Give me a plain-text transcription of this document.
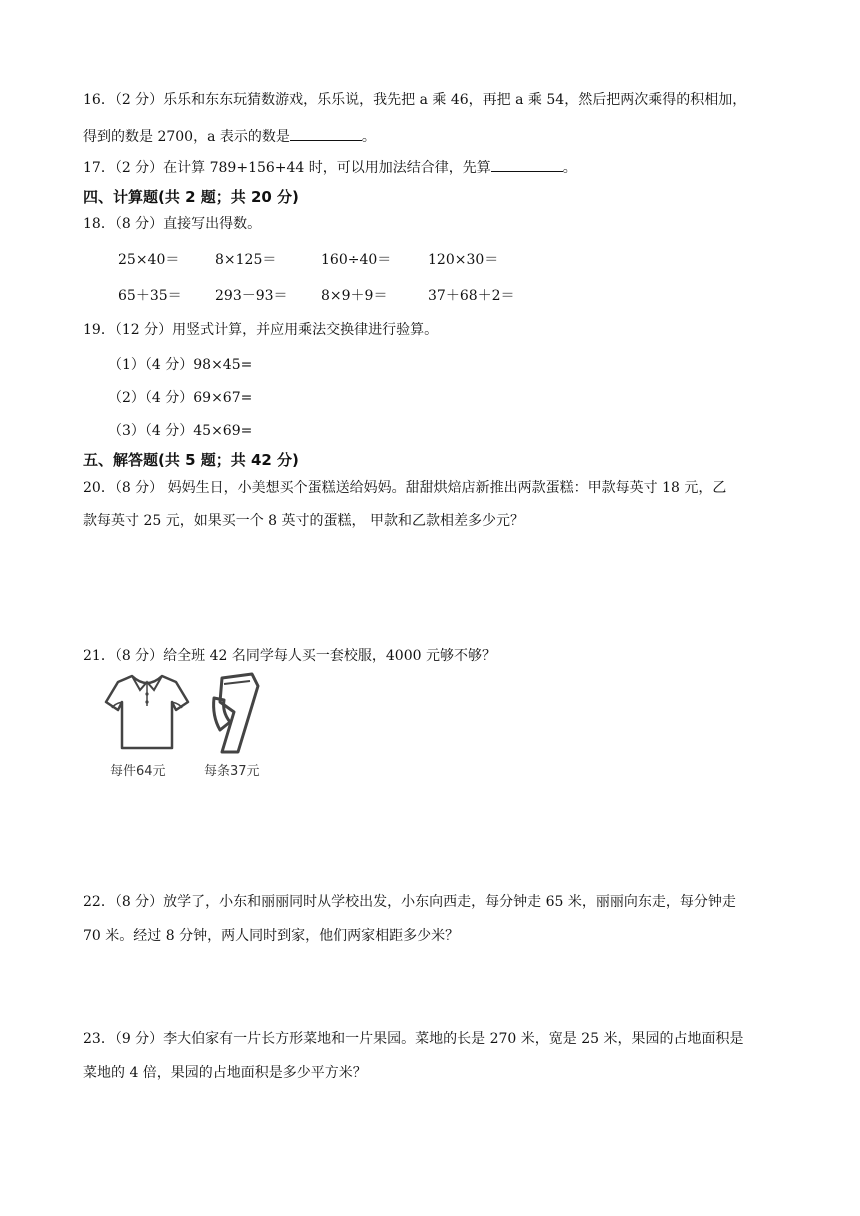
16．（2 分）乐乐和东东玩猜数游戏，乐乐说，我先把 a 乘 46，再把 a 乘 54，然后把两次乘得的积相加，
得到的数是 2700，a 表示的数是	。
17．（2 分）在计算 789+156+44 时，可以用加法结合律，先算	。
四、计算题(共 2 题；共 20 分)
18．（8 分）直接写出得数。
25×40＝	8×125＝	160÷40＝	120×30＝
65＋35＝ 293－93＝ 8×9＋9＝	37＋68＋2＝
19．（12 分）用竖式计算，并应用乘法交换律进行验算。
（1）（4 分）98×45=
（2）（4 分）69×67=
（3）（4 分）45×69=
五、解答题(共 5 题；共 42 分)
20．（8 分） 妈妈生日，小美想买个蛋糕送给妈妈。甜甜烘焙店新推出两款蛋糕：甲款每英寸 18 元，乙
款每英寸 25 元，如果买一个 8 英寸的蛋糕， 甲款和乙款相差多少元？
21．（8 分）给全班 42 名同学每人买一套校服，4000 元够不够？
每件64元	每条37元
22．（8 分）放学了，小东和丽丽同时从学校出发，小东向西走，每分钟走 65 米，丽丽向东走，每分钟走
70 米。经过 8 分钟，两人同时到家，他们两家相距多少米？
23．（9 分）李大伯家有一片长方形菜地和一片果园。菜地的长是 270 米，宽是 25 米，果园的占地面积是
菜地的 4 倍，果园的占地面积是多少平方米？
